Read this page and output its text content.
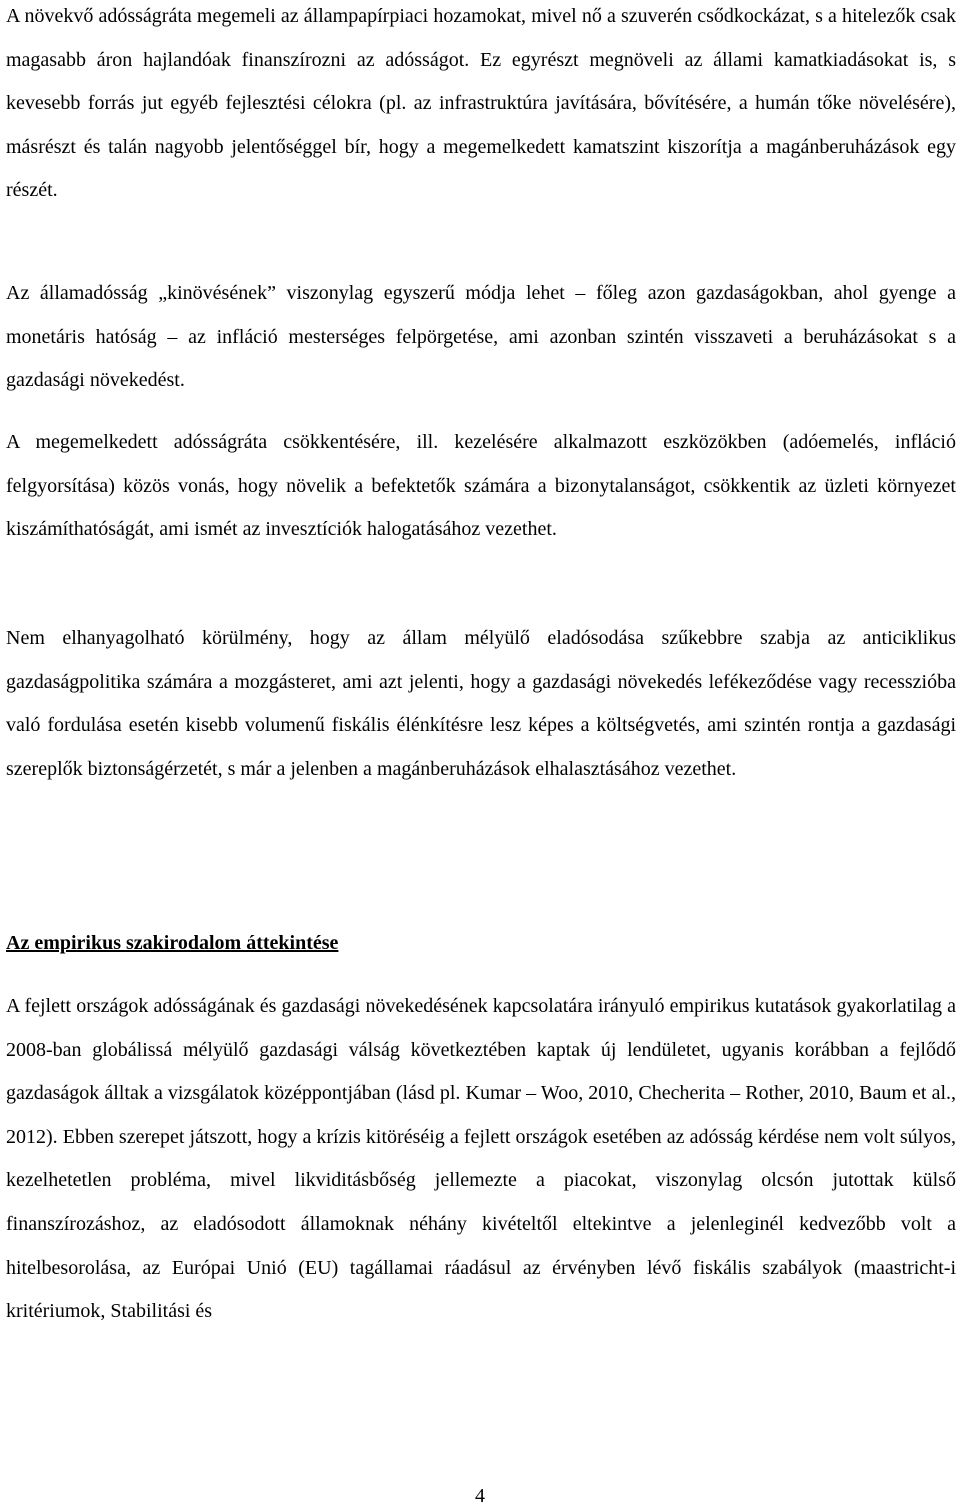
A növekvő adósságráta megemeli az állampapírpiaci hozamokat, mivel nő a szuverén csődkockázat, s a hitelezők csak magasabb áron hajlandóak finanszírozni az adósságot. Ez egyrészt megnöveli az állami kamatkiadásokat is, s kevesebb forrás jut egyéb fejlesztési célokra (pl. az infrastruktúra javítására, bővítésére, a humán tőke növelésére), másrészt és talán nagyobb jelentőséggel bír, hogy a megemelkedett kamatszint kiszorítja a magánberuházások egy részét.

Az államadósság „kinövésének” viszonylag egyszerű módja lehet – főleg azon gazdaságokban, ahol gyenge a monetáris hatóság – az infláció mesterséges felpörgetése, ami azonban szintén visszaveti a beruházásokat s a gazdasági növekedést.

A megemelkedett adósságráta csökkentésére, ill. kezelésére alkalmazott eszközökben (adóemelés, infláció felgyorsítása) közös vonás, hogy növelik a befektetők számára a bizonytalanságot, csökkentik az üzleti környezet kiszámíthatóságát, ami ismét az invesztíciók halogatásához vezethet.

Nem elhanyagolható körülmény, hogy az állam mélyülő eladósodása szűkebbre szabja az anticiklikus gazdaságpolitika számára a mozgásteret, ami azt jelenti, hogy a gazdasági növekedés lefékeződése vagy recesszióba való fordulása esetén kisebb volumenű fiskális élénkítésre lesz képes a költségvetés, ami szintén rontja a gazdasági szereplők biztonságérzetét, s már a jelenben a magánberuházások elhalasztásához vezethet.

Az empirikus szakirodalom áttekintése

A fejlett országok adósságának és gazdasági növekedésének kapcsolatára irányuló empirikus kutatások gyakorlatilag a 2008-ban globálissá mélyülő gazdasági válság következtében kaptak új lendületet, ugyanis korábban a fejlődő gazdaságok álltak a vizsgálatok középpontjában (lásd pl. Kumar – Woo, 2010, Checherita – Rother, 2010, Baum et al., 2012). Ebben szerepet játszott, hogy a krízis kitöréséig a fejlett országok esetében az adósság kérdése nem volt súlyos, kezelhetetlen probléma, mivel likviditásbőség jellemezte a piacokat, viszonylag olcsón jutottak külső finanszírozáshoz, az eladósodott államoknak néhány kivételtől eltekintve a jelenleginél kedvezőbb volt a hitelbesorolása, az Európai Unió (EU) tagállamai ráadásul az érvényben lévő fiskális szabályok (maastricht-i kritériumok, Stabilitási és

4
